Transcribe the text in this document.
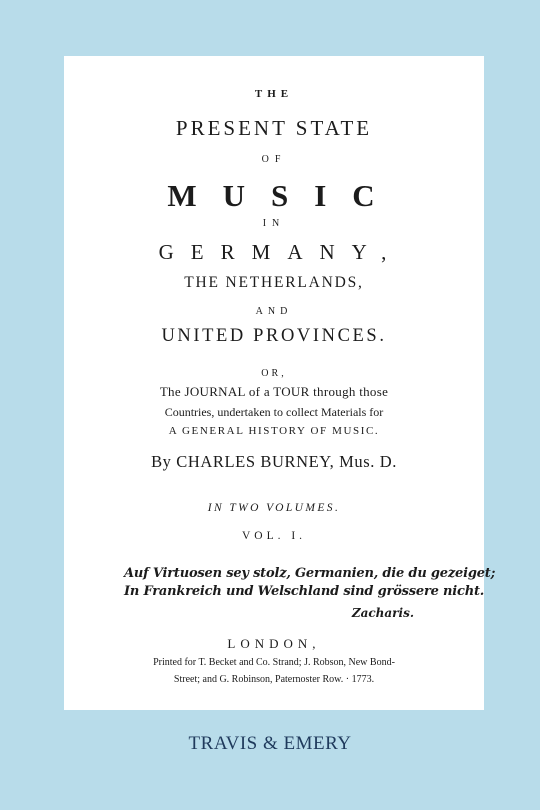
THE
PRESENT STATE
OF
MUSIC
IN
GERMANY,
THE NETHERLANDS,
AND
UNITED PROVINCES.
OR,
The JOURNAL of a TOUR through those
Countries, undertaken to collect Materials for
A GENERAL HISTORY OF MUSIC.
By CHARLES BURNEY, Mus. D.
IN TWO VOLUMES.
VOL. I.
Auf Virtuosen sey stolz, Germanien, die du gezeiget;
In Frankreich und Welschland sind grössere nicht.
Zacharis.
LONDON,
Printed for T. Becket and Co. Strand; J. Robson, New Bond-
Street; and G. Robinson, Paternoster Row. · 1773.
TRAVIS & EMERY
